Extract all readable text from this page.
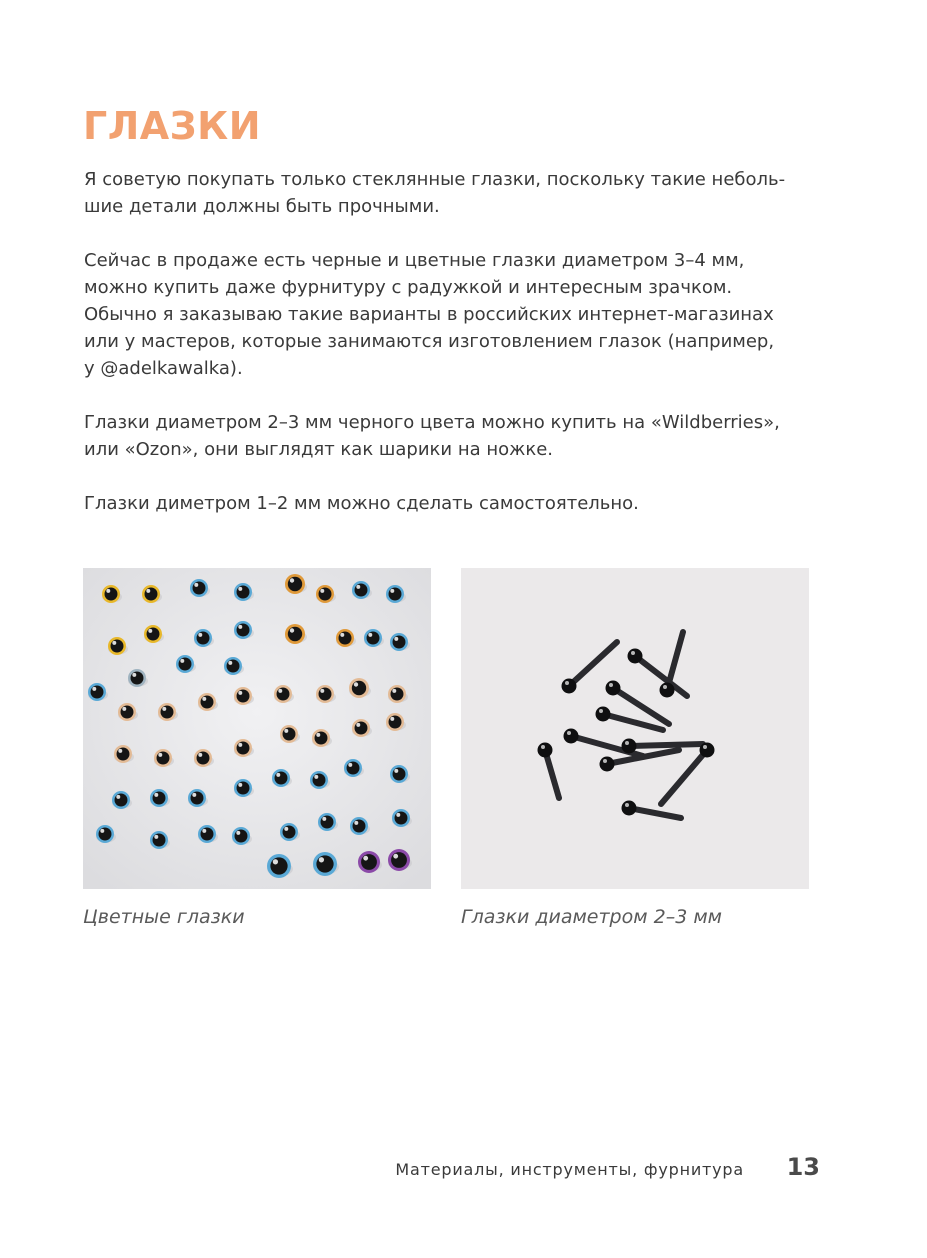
ГЛАЗКИ

Я советую покупать только стеклянные глазки, поскольку такие неболь-
шие детали должны быть прочными.

Сейчас в продаже есть черные и цветные глазки диаметром 3–4 мм,
можно купить даже фурнитуру с радужкой и интересным зрачком.
Обычно я заказываю такие варианты в российских интернет-магазинах
или у мастеров, которые занимаются изготовлением глазок (например,
у @adelkawalka).

Глазки диаметром 2–3 мм черного цвета можно купить на «Wildberries»,
или «Ozon», они выглядят как шарики на ножке.

Глазки диметром 1–2 мм можно сделать самостоятельно.

Цветные глазки	Глазки диаметром 2–3 мм

Материалы, инструменты, фурнитура 13
